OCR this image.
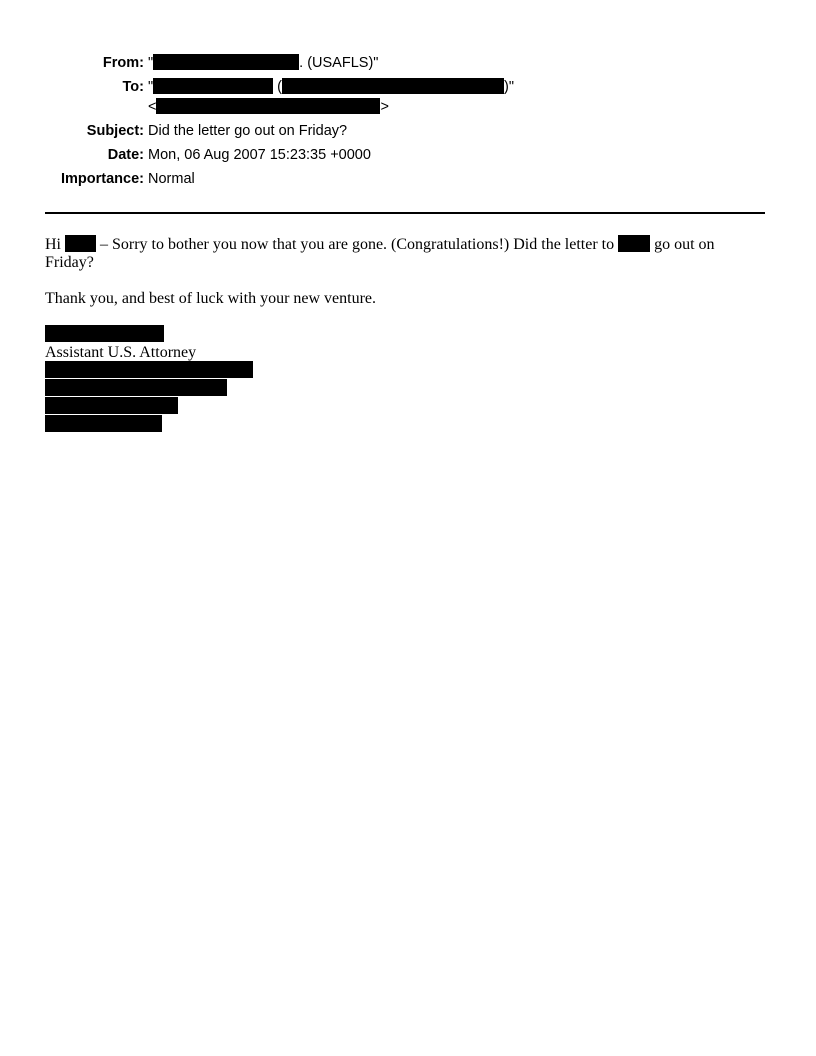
From: "	. (USAFLS)"
To: "	(	)"
<	>
Subject: Did the letter go out on Friday?
Date: Mon, 06 Aug 2007 15:23:35 +0000
Importance: Normal
Hi  – Sorry to bother you now that you are gone. (Congratulations!) Did the letter to  go out on
Friday?
Thank you, and best of luck with your new venture.
Assistant U.S. Attorney
